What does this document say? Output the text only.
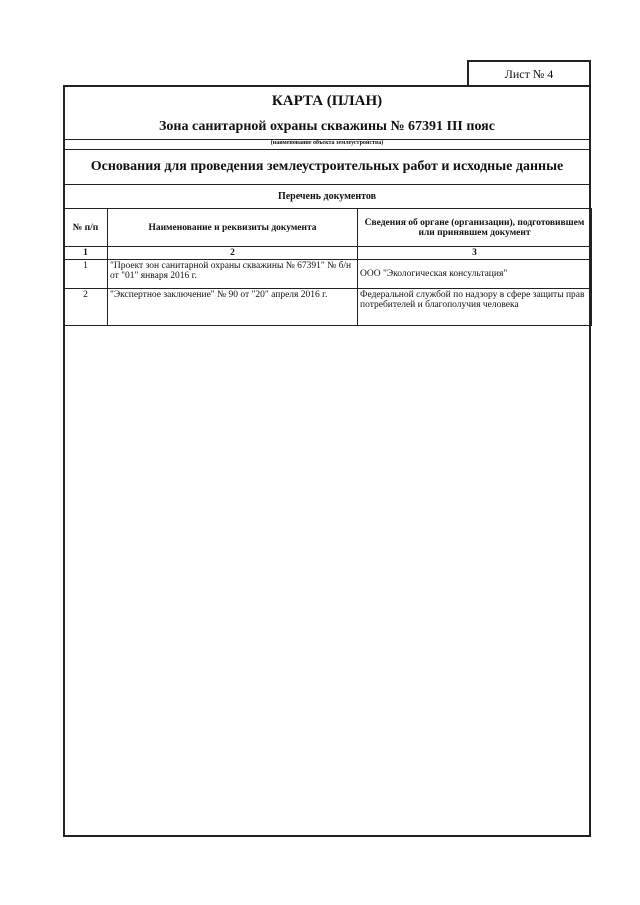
Лист № 4
КАРТА (ПЛАН)
Зона санитарной охраны скважины № 67391 III пояс
(наименование объекта землеустройства)
Основания для проведения землеустроительных работ и исходные данные
Перечень документов
№ п/п	Наименование и реквизиты документа	Сведения об органе (организации), подготовившем или принявшем документ
1	2	3
1	"Проект зон санитарной охраны скважины № 67391" № б/н от "01" января 2016 г.	ООО "Экологическая консультация"
2	"Экспертное заключение" № 90 от "20" апреля 2016 г.	Федеральной службой по надзору в сфере защиты прав потребителей и благополучия человека
